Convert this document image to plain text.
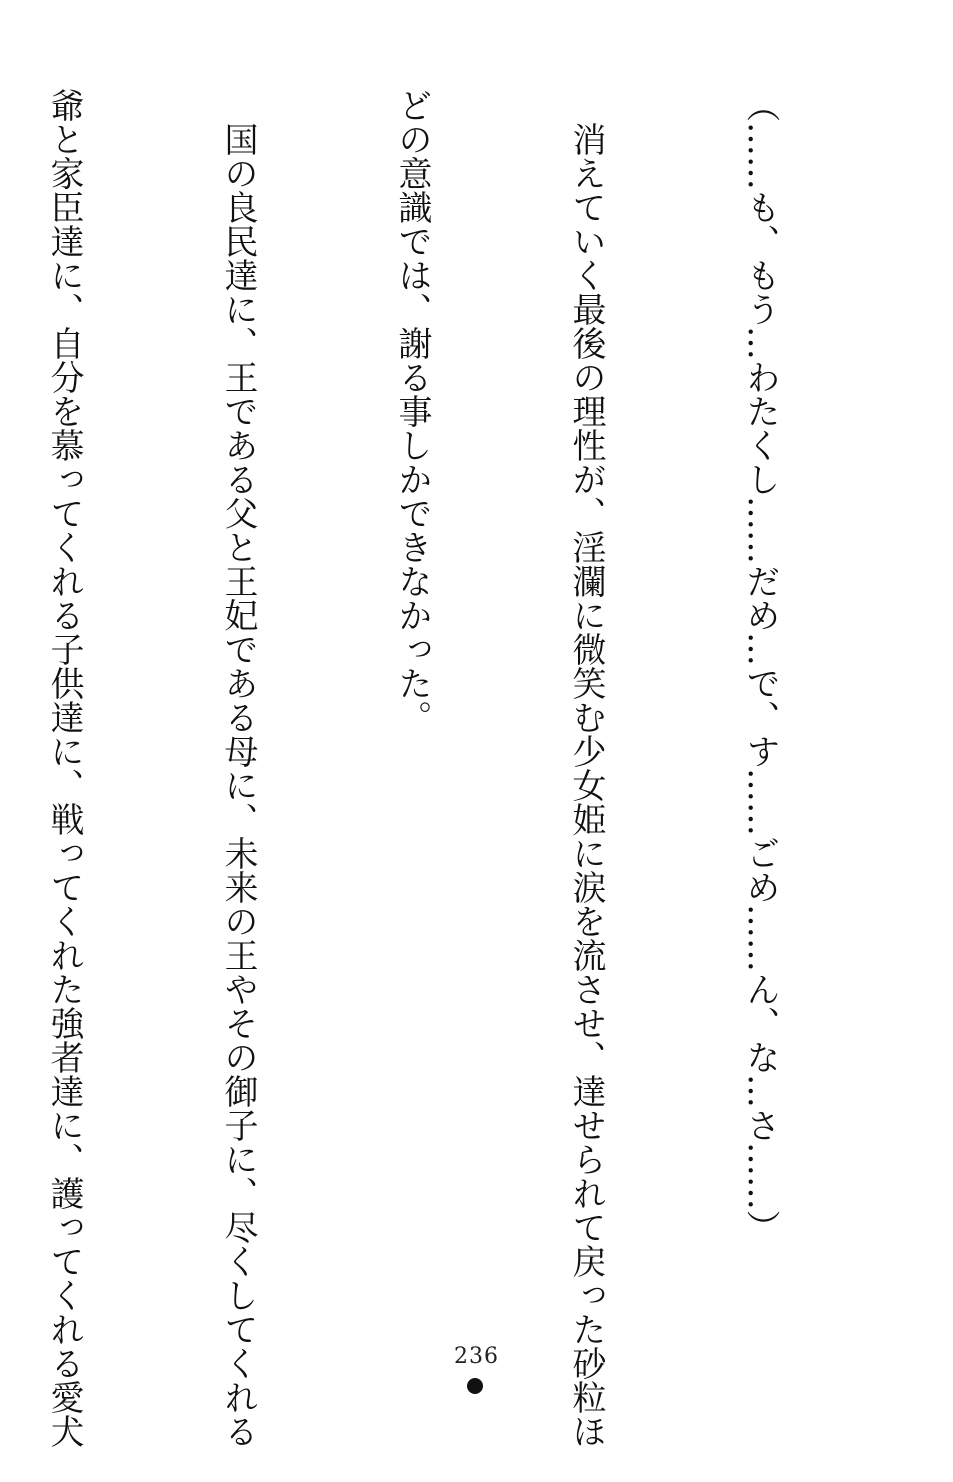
（……も、もう…わたくし……だめ…で、す……ごめ……ん、な…さ……）

　消えていく最後の理性が、淫瀾に微笑む少女姫に涙を流させ、達せられて戻った砂粒ほ

どの意識では、謝る事しかできなかった。

　国の良民達に、王である父と王妃である母に、未来の王やその御子に、尽くしてくれる

爺と家臣達に、自分を慕ってくれる子供達に、戦ってくれた強者達に、護ってくれる愛犬

	236
